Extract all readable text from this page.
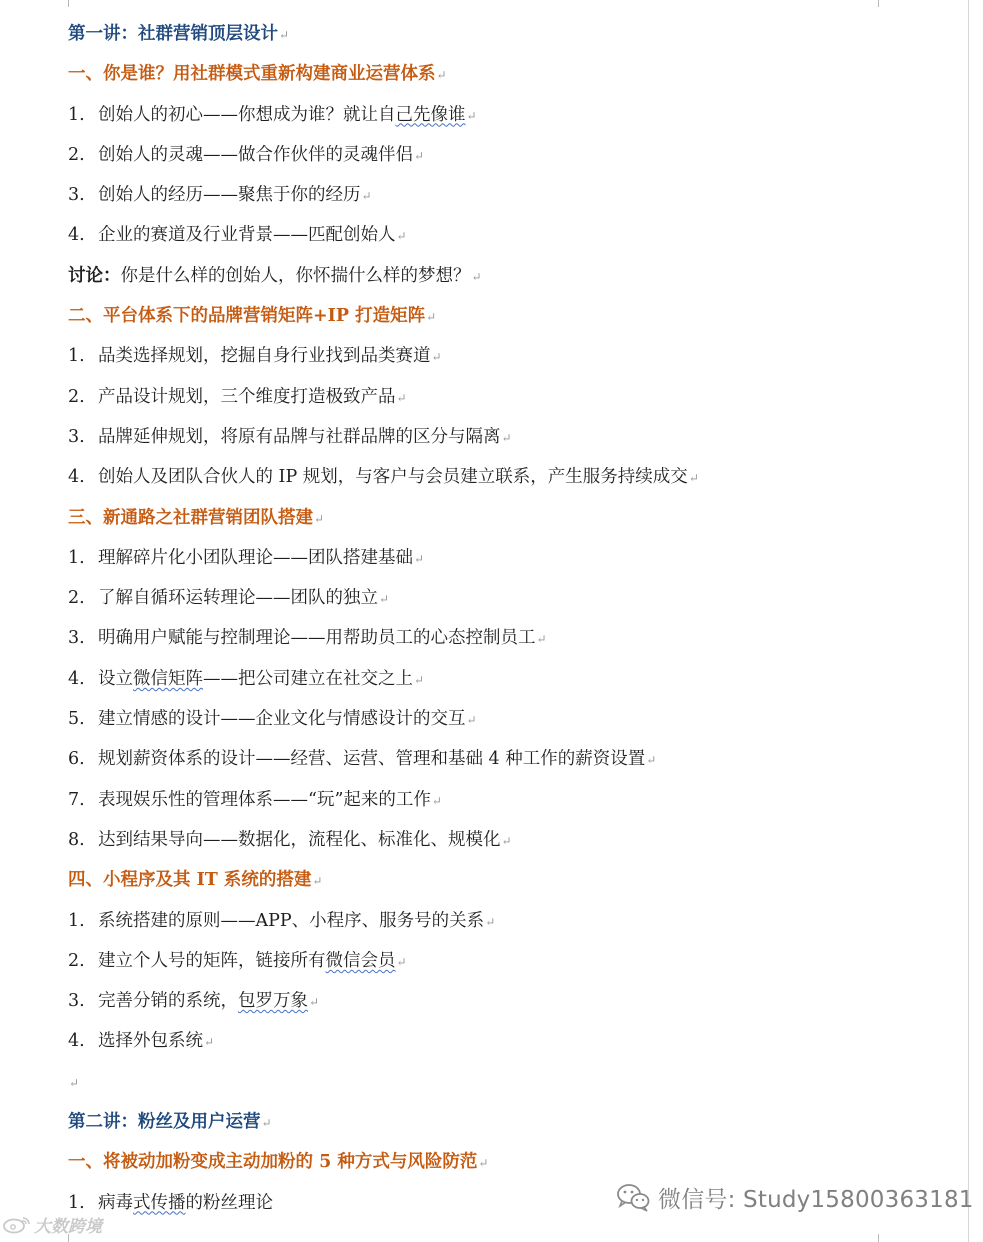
第一讲：社群营销顶层设计↵
一、你是谁？用社群模式重新构建商业运营体系↵
1. 创始人的初心——你想成为谁？就让自己先像谁↵
2. 创始人的灵魂——做合作伙伴的灵魂伴侣↵
3. 创始人的经历——聚焦于你的经历↵
4. 企业的赛道及行业背景——匹配创始人↵
讨论：你是什么样的创始人，你怀揣什么样的梦想？↵
二、平台体系下的品牌营销矩阵+IP 打造矩阵↵
1. 品类选择规划，挖掘自身行业找到品类赛道↵
2. 产品设计规划，三个维度打造极致产品↵
3. 品牌延伸规划，将原有品牌与社群品牌的区分与隔离↵
4. 创始人及团队合伙人的 IP 规划，与客户与会员建立联系，产生服务持续成交↵
三、新通路之社群营销团队搭建↵
1. 理解碎片化小团队理论——团队搭建基础↵
2. 了解自循环运转理论——团队的独立↵
3. 明确用户赋能与控制理论——用帮助员工的心态控制员工↵
4. 设立微信矩阵——把公司建立在社交之上↵
5. 建立情感的设计——企业文化与情感设计的交互↵
6. 规划薪资体系的设计——经营、运营、管理和基础 4 种工作的薪资设置↵
7. 表现娱乐性的管理体系——“玩”起来的工作↵
8. 达到结果导向——数据化，流程化、标准化、规模化↵
四、小程序及其 IT 系统的搭建↵
1. 系统搭建的原则——APP、小程序、服务号的关系↵
2. 建立个人号的矩阵，链接所有微信会员↵
3. 完善分销的系统，包罗万象↵
4. 选择外包系统↵
↵
第二讲：粉丝及用户运营↵
一、将被动加粉变成主动加粉的 5 种方式与风险防范↵
1. 病毒式传播的粉丝理论	微信号: Study15800363181
大数跨境
